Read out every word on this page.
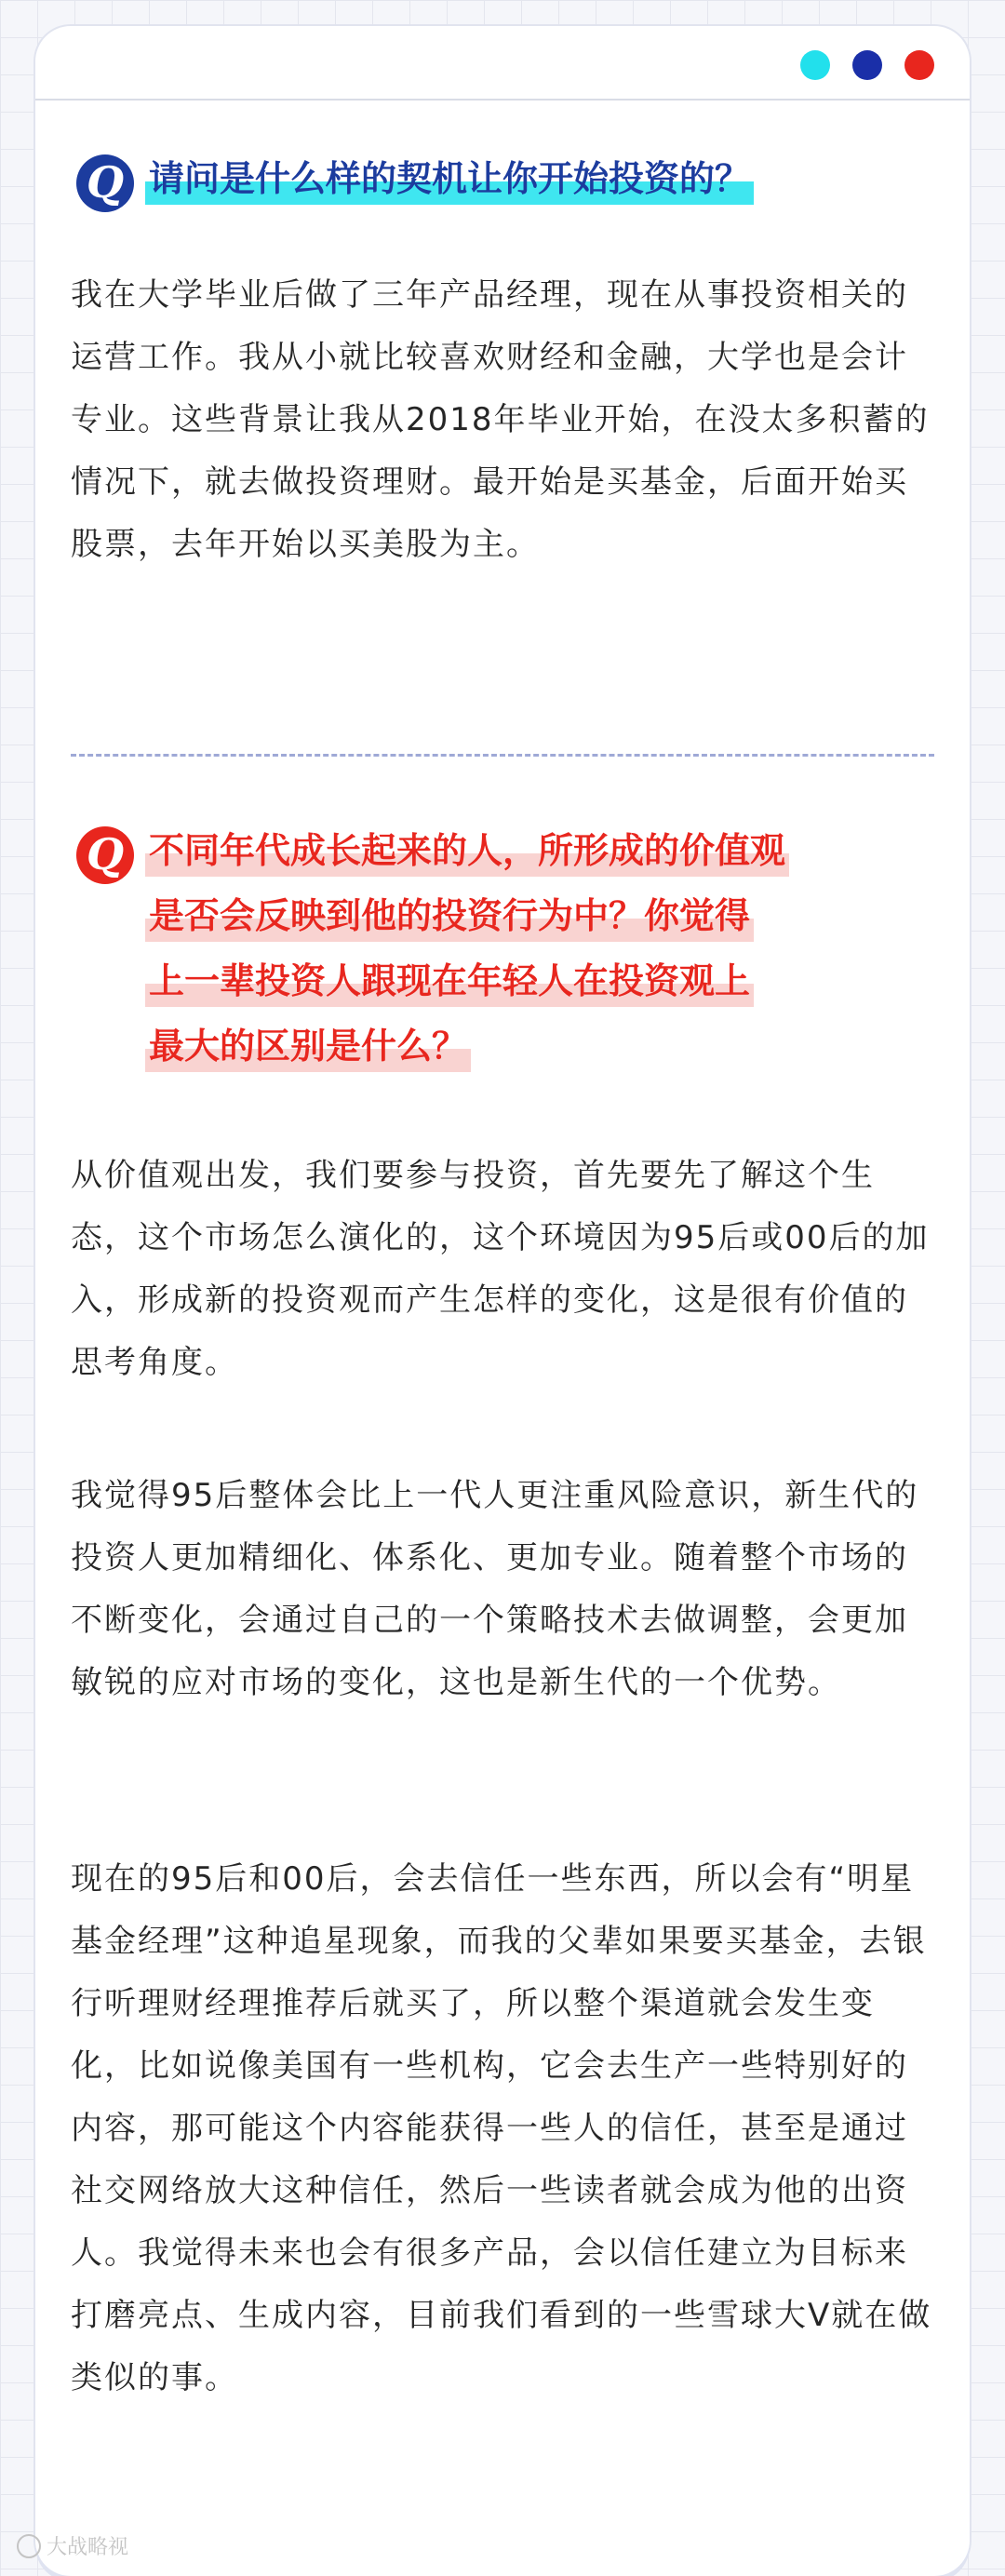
Q 请问是什么样的契机让你开始投资的？
我在大学毕业后做了三年产品经理，现在从事投资相关的运营工作。我从小就比较喜欢财经和金融，大学也是会计专业。这些背景让我从2018年毕业开始，在没太多积蓄的情况下，就去做投资理财。最开始是买基金，后面开始买股票，去年开始以买美股为主。
Q 不同年代成长起来的人，所形成的价值观
是否会反映到他的投资行为中？你觉得
上一辈投资人跟现在年轻人在投资观上
最大的区别是什么？
从价值观出发，我们要参与投资，首先要先了解这个生态，这个市场怎么演化的，这个环境因为95后或00后的加入，形成新的投资观而产生怎样的变化，这是很有价值的思考角度。
我觉得95后整体会比上一代人更注重风险意识，新生代的投资人更加精细化、体系化、更加专业。随着整个市场的不断变化，会通过自己的一个策略技术去做调整，会更加敏锐的应对市场的变化，这也是新生代的一个优势。
现在的95后和00后，会去信任一些东西，所以会有“明星基金经理”这种追星现象，而我的父辈如果要买基金，去银行听理财经理推荐后就买了，所以整个渠道就会发生变化，比如说像美国有一些机构，它会去生产一些特别好的内容，那可能这个内容能获得一些人的信任，甚至是通过社交网络放大这种信任，然后一些读者就会成为他的出资人。我觉得未来也会有很多产品，会以信任建立为目标来打磨亮点、生成内容，目前我们看到的一些雪球大V就在做类似的事。
大战略视
